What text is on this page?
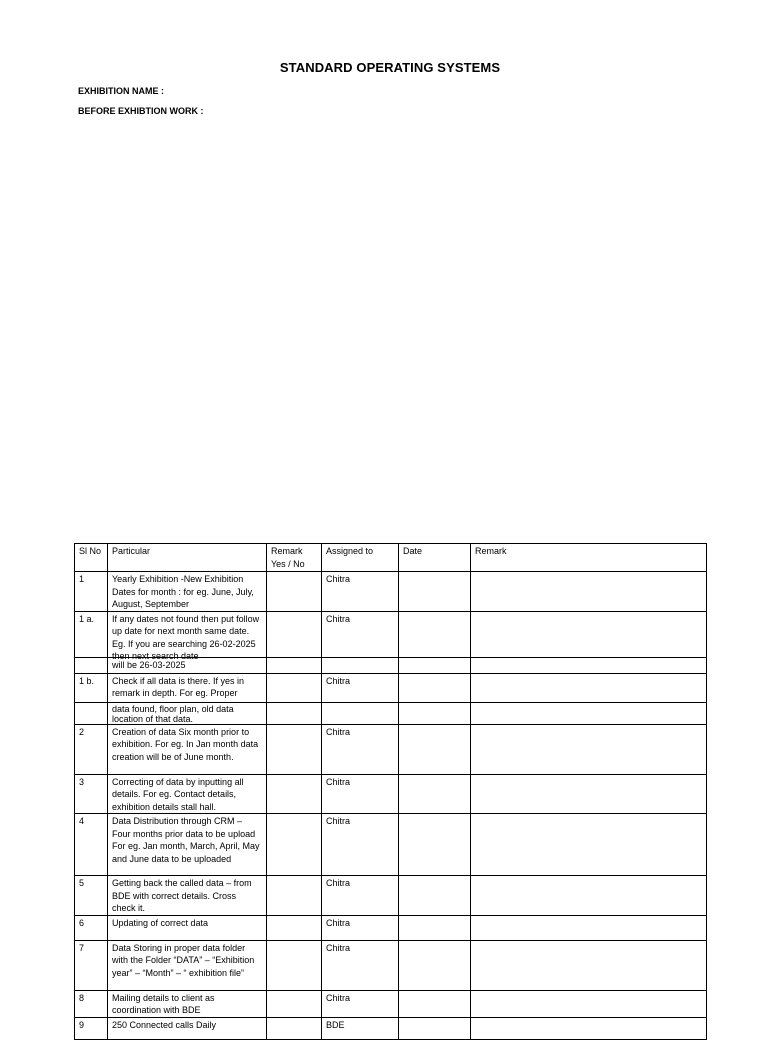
STANDARD OPERATING SYSTEMS
EXHIBITION NAME :
BEFORE EXHIBTION WORK :
Sl No	Particular	Remark Yes / No	Assigned to	Date	Remark
1	Yearly Exhibition -New Exhibition Dates for month : for eg. June, July, August, September		Chitra		
1 a.	If any dates not found then put follow up date for next month same date. Eg. If you are searching 26-02-2025 then next search date		Chitra		
	will be 26-03-2025				
1 b.	Check if all data is there. If yes in remark in depth. For eg. Proper		Chitra		

	data found, floor plan, old data location of that data.				

2	Creation of data Six month prior to exhibition. For eg. In Jan month data creation will be of June month.		Chitra		
3	Correcting of data by inputting all details. For eg. Contact details, exhibition details stall hall.		Chitra		
4	Data Distribution through CRM – Four months prior data to be upload For eg. Jan month, March, April, May and June data to be uploaded		Chitra		
5	Getting back the called data – from BDE with correct details. Cross check it.		Chitra		
6	Updating of correct data		Chitra		
7	Data Storing in proper data folder with the Folder “DATA” – “Exhibition year” – “Month” – “ exhibition file”		Chitra		
8	Mailing details to client as coordination with BDE		Chitra		
9	250 Connected calls Daily		BDE		
